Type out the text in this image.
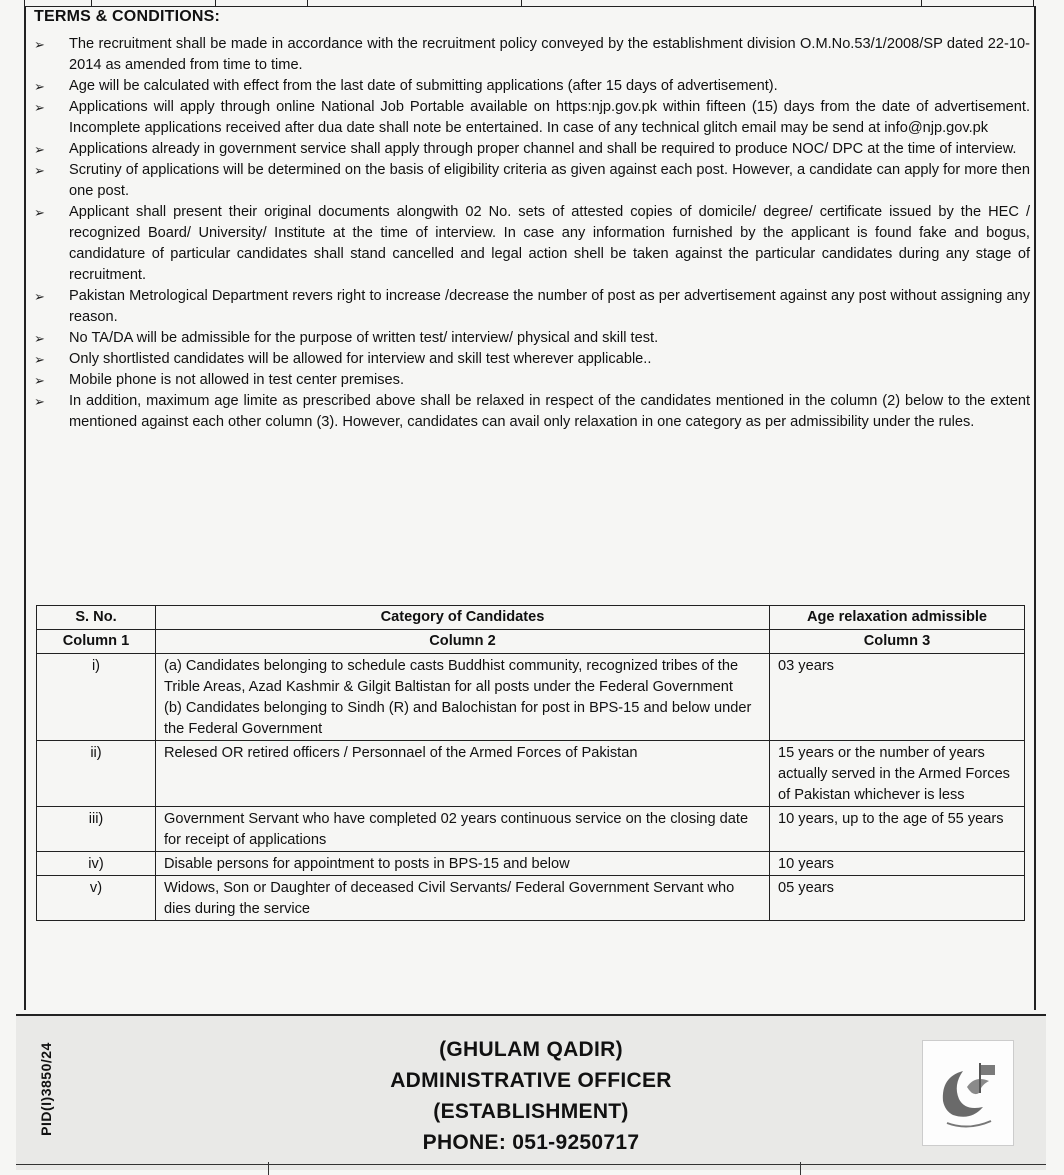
TERMS & CONDITIONS:
➢ The recruitment shall be made in accordance with the recruitment policy conveyed by the establishment division O.M.No.53/1/2008/SP dated 22-10-2014 as amended from time to time.
➢ Age will be calculated with effect from the last date of submitting applications (after 15 days of advertisement).
➢ Applications will apply through online National Job Portable available on https:njp.gov.pk within fifteen (15) days from the date of advertisement. Incomplete applications received after dua date shall note be entertained. In case of any technical glitch email may be send at info@njp.gov.pk
➢ Applications already in government service shall apply through proper channel and shall be required to produce NOC/ DPC at the time of interview.
➢ Scrutiny of applications will be determined on the basis of eligibility criteria as given against each post. However, a candidate can apply for more then one post.
➢ Applicant shall present their original documents alongwith 02 No. sets of attested copies of domicile/ degree/ certificate issued by the HEC / recognized Board/ University/ Institute at the time of interview. In case any information furnished by the applicant is found fake and bogus, candidature of particular candidates shall stand cancelled and legal action shell be taken against the particular candidates during any stage of recruitment.
➢ Pakistan Metrological Department revers right to increase /decrease the number of post as per advertisement against any post without assigning any reason.
➢ No TA/DA will be admissible for the purpose of written test/ interview/ physical and skill test.
➢ Only shortlisted candidates will be allowed for interview and skill test wherever applicable..
➢ Mobile phone is not allowed in test center premises.
➢ In addition, maximum age limite as prescribed above shall be relaxed in respect of the candidates mentioned in the column (2) below to the extent mentioned against each other column (3). However, candidates can avail only relaxation in one category as per admissibility under the rules.
S. No.	Category of Candidates	Age relaxation admissible
Column 1	Column 2	Column 3
i)	(a) Candidates belonging to schedule casts Buddhist community, recognized tribes of the Trible Areas, Azad Kashmir & Gilgit Baltistan for all posts under the Federal Government
(b) Candidates belonging to Sindh (R) and Balochistan for post in BPS-15 and below under the Federal Government	03 years
ii)	Relesed OR retired officers / Personnael of the Armed Forces of Pakistan	15 years or the number of years actually served in the Armed Forces of Pakistan whichever is less
iii)	Government Servant who have completed 02 years continuous service on the closing date for receipt of applications	10 years, up to the age of 55 years
iv)	Disable persons for appointment to posts in BPS-15 and below	10 years
v)	Widows, Son or Daughter of deceased Civil Servants/ Federal Government Servant who dies during the service	05 years
PID(I)3850/24	(GHULAM QADIR)
ADMINISTRATIVE OFFICER
(ESTABLISHMENT)
PHONE: 051-9250717
